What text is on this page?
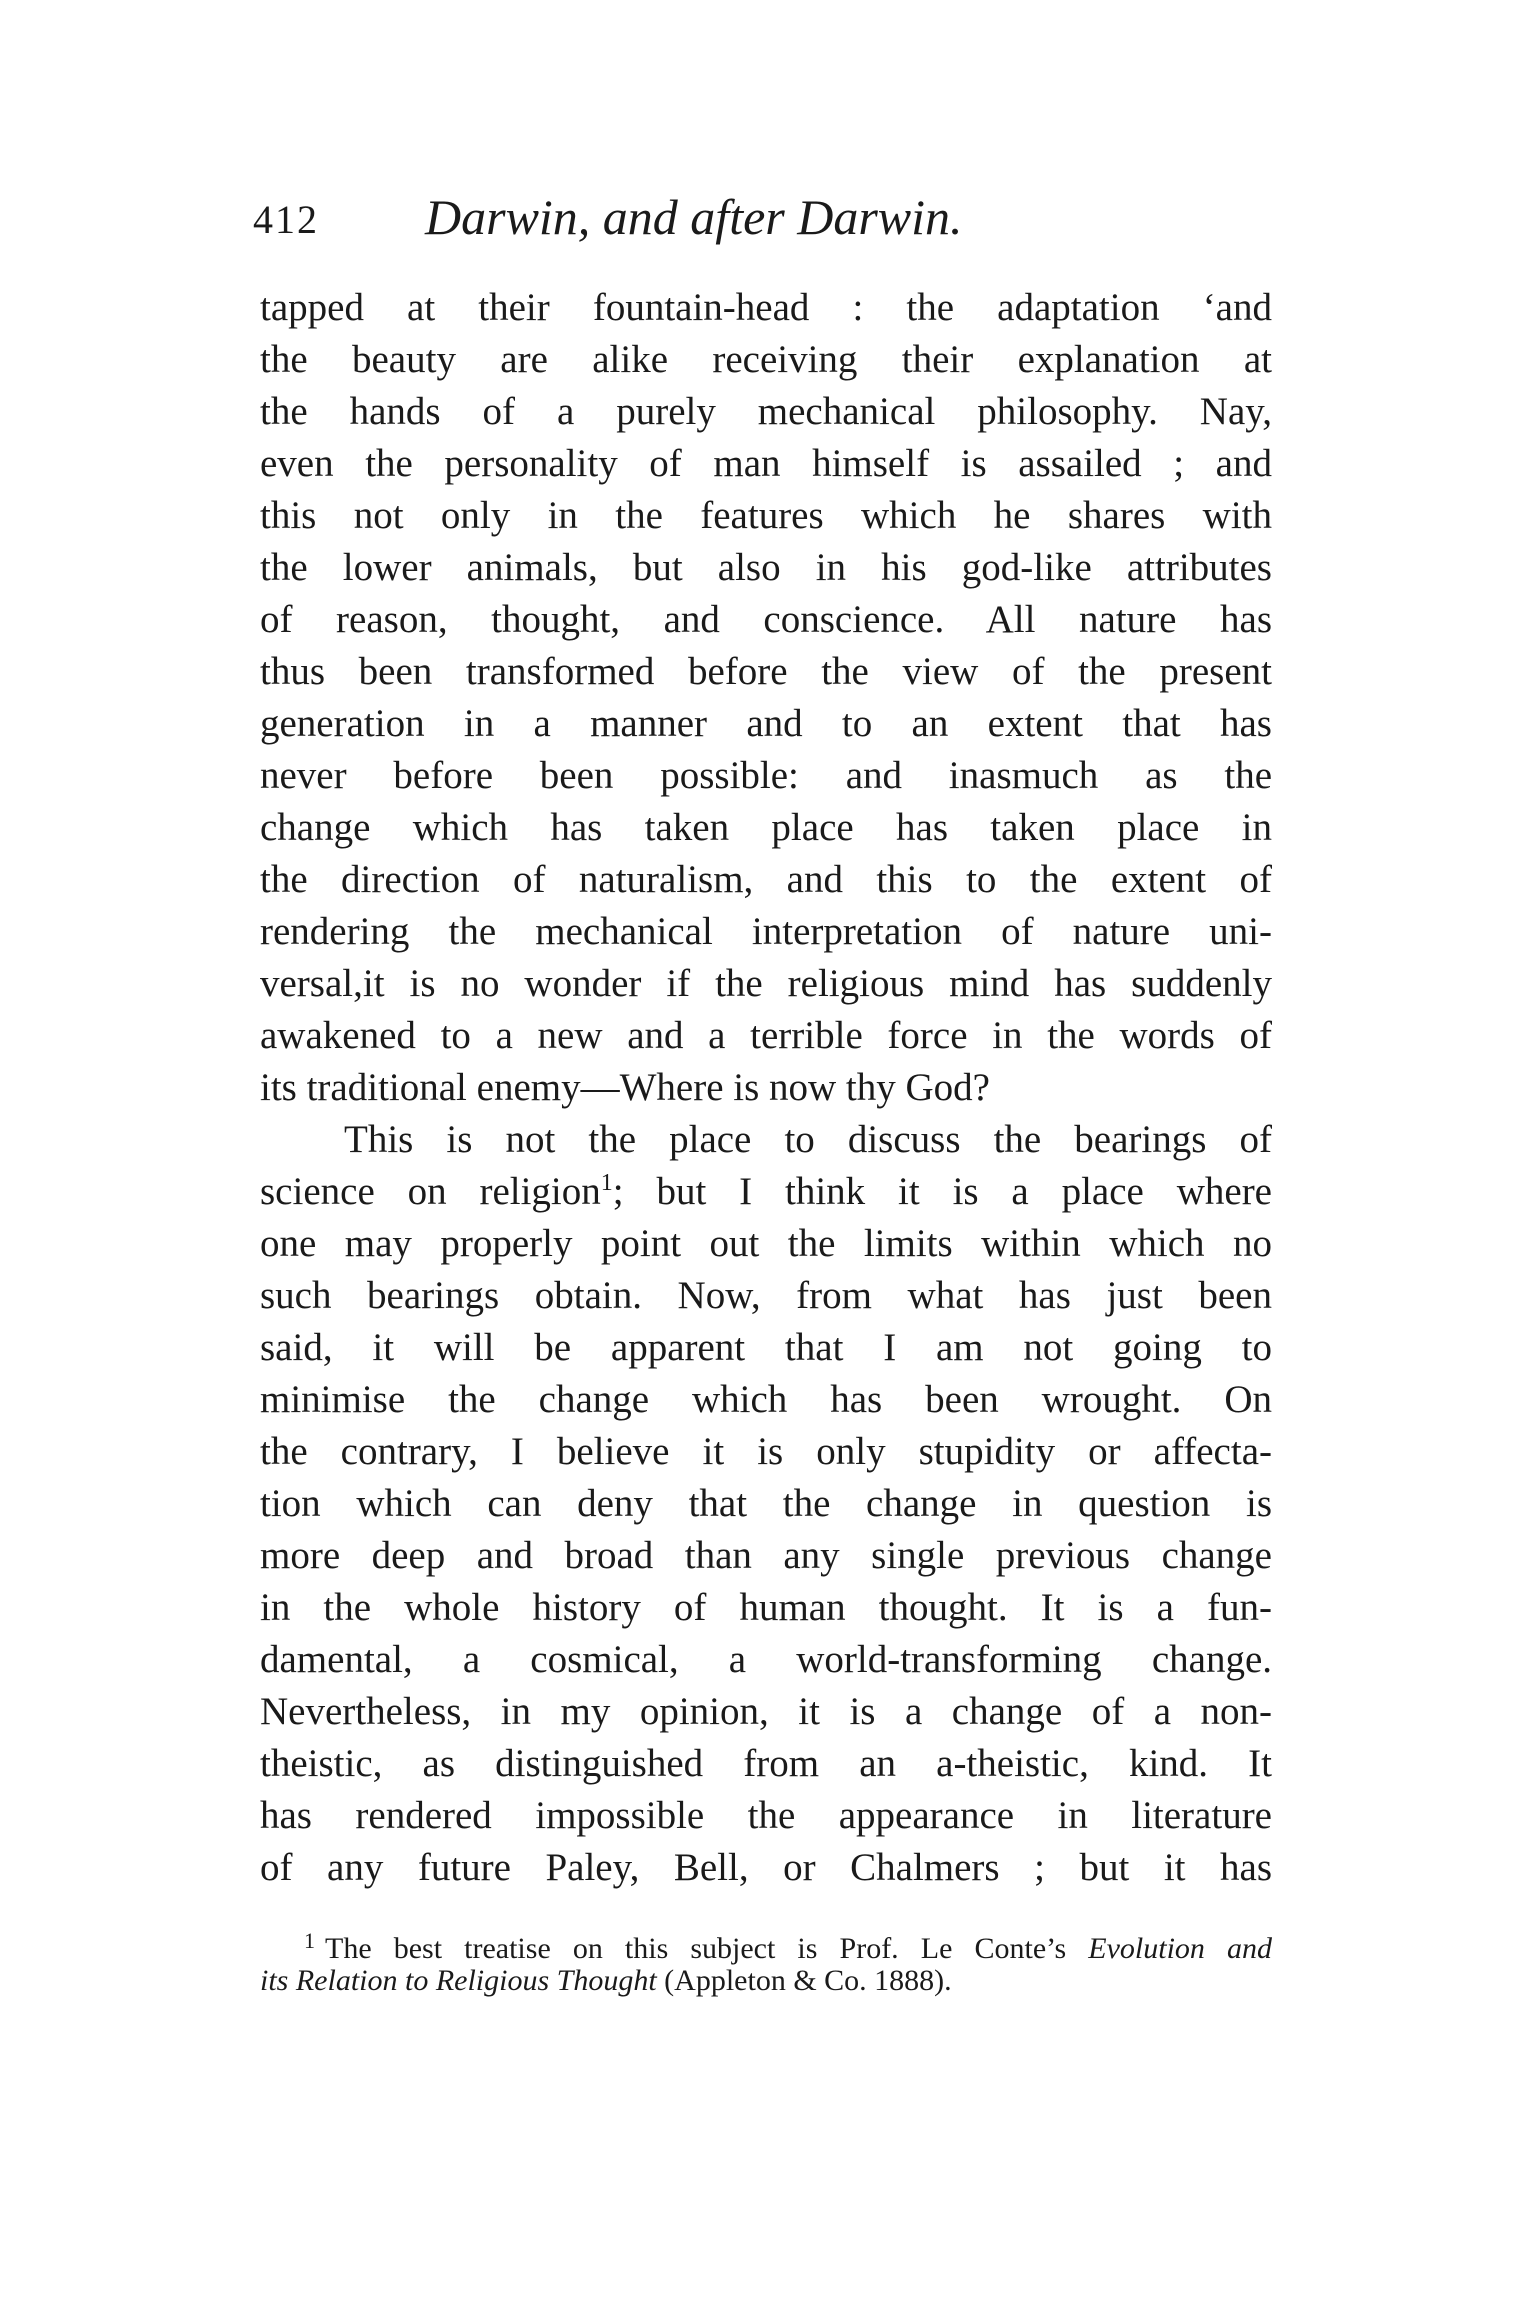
412 Darwin, and after Darwin.
tapped at their fountain-head : the adaptation ‘and
the beauty are alike receiving their explanation at
the hands of a purely mechanical philosophy. Nay,
even the personality of man himself is assailed ; and
this not only in the features which he shares with
the lower animals, but also in his god-like attributes
of reason, thought, and conscience. All nature has
thus been transformed before the view of the present
generation in a manner and to an extent that has
never before been possible: and inasmuch as the
change which has taken place has taken place in
the direction of naturalism, and this to the extent of
rendering the mechanical interpretation of nature uni-
versal,it is no wonder if the religious mind has suddenly
awakened to a new and a terrible force in the words of
its traditional enemy—Where is now thy God?
This is not the place to discuss the bearings of
science on religion$^1$; but I think it is a place where
one may properly point out the limits within which no
such bearings obtain. Now, from what has just been
said, it will be apparent that I am not going to
minimise the change which has been wrought. On
the contrary, I believe it is only stupidity or affecta-
tion which can deny that the change in question is
more deep and broad than any single previous change
in the whole history of human thought. It is a fun-
damental, a cosmical, a world-transforming change.
Nevertheless, in my opinion, it is a change of a non-
theistic, as distinguished from an a-theistic, kind. It
has rendered impossible the appearance in literature
of any future Paley, Bell, or Chalmers ; but it has
$^1$ The best treatise on this subject is Prof. Le Conte’s Evolution and
its Relation to Religious Thought (Appleton & Co. 1888).
